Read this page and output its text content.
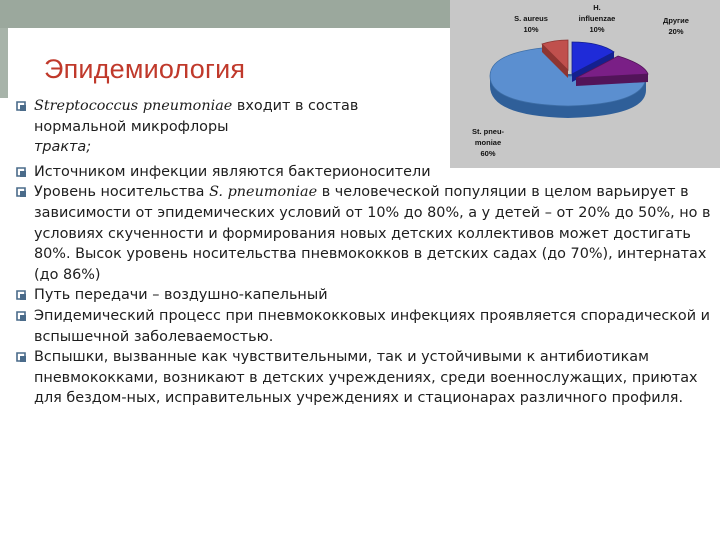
Эпидемиология
S. aureus
10%
H.
influenzae
10%
Другие
20%
St. pneu-
moniae
60%
Streptococcus pneumoniae входит в состав
нормальной микрофлоры
тракта;
Источником инфекции являются бактерионосители
Уровень носительства S. pneumoniae в человеческой популяции в целом варьирует в зависимости от эпидемических условий от 10% до 80%, а у детей – от 20% до 50%, но в условиях скученности и формирования новых детских коллективов может достигать 80%. Высок уровень носительства пневмококков в детских садах (до 70%), интернатах (до 86%)
Путь передачи – воздушно-капельный
Эпидемический процесс при пневмококковых инфекциях проявляется спорадической и вспышечной заболеваемостью.
Вспышки, вызванные как чувствительными, так и устойчивыми к антибиотикам пневмококками, возникают в детских учреждениях, среди военнослужащих, приютах для бездом-ных, исправительных учреждениях и стационарах различного профиля.
